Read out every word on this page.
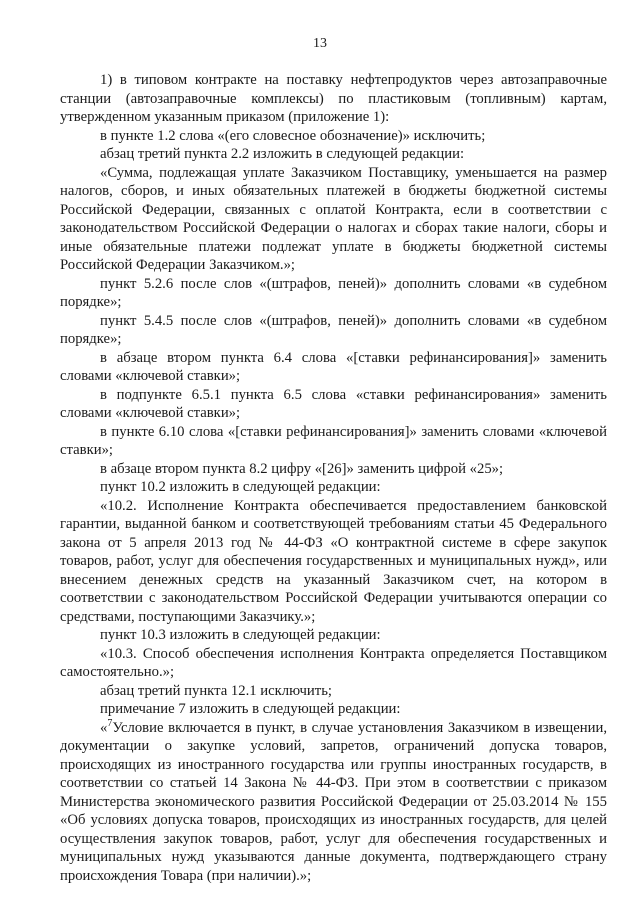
13

1) в типовом контракте на поставку нефтепродуктов через автозаправочные станции (автозаправочные комплексы) по пластиковым (топливным) картам, утвержденном указанным приказом (приложение 1):

в пункте 1.2 слова «(его словесное обозначение)» исключить;

абзац третий пункта 2.2 изложить в следующей редакции:

«Сумма, подлежащая уплате Заказчиком Поставщику, уменьшается на размер налогов, сборов, и иных обязательных платежей в бюджеты бюджетной системы Российской Федерации, связанных с оплатой Контракта, если в соответствии с законодательством Российской Федерации о налогах и сборах такие налоги, сборы и иные обязательные платежи подлежат уплате в бюджеты бюджетной системы Российской Федерации Заказчиком.»;

пункт 5.2.6 после слов «(штрафов, пеней)» дополнить словами «в судебном порядке»;

пункт 5.4.5 после слов «(штрафов, пеней)» дополнить словами «в судебном порядке»;

в абзаце втором пункта 6.4 слова «[ставки рефинансирования]» заменить словами «ключевой ставки»;

в подпункте 6.5.1 пункта 6.5 слова «ставки рефинансирования» заменить словами «ключевой ставки»;

в пункте 6.10 слова «[ставки рефинансирования]» заменить словами «ключевой ставки»;

в абзаце втором пункта 8.2 цифру «[26]» заменить цифрой «25»;

пункт 10.2 изложить в следующей редакции:

«10.2. Исполнение Контракта обеспечивается предоставлением банковской гарантии, выданной банком и соответствующей требованиям статьи 45 Федерального закона от 5 апреля 2013 год № 44-ФЗ «О контрактной системе в сфере закупок товаров, работ, услуг для обеспечения государственных и муниципальных нужд», или внесением денежных средств на указанный Заказчиком счет, на котором в соответствии с законодательством Российской Федерации учитываются операции со средствами, поступающими Заказчику.»;

пункт 10.3 изложить в следующей редакции:

«10.3. Способ обеспечения исполнения Контракта определяется Поставщиком самостоятельно.»;

абзац третий пункта 12.1 исключить;

примечание 7 изложить в следующей редакции:

«$^7$Условие включается в пункт, в случае установления Заказчиком в извещении, документации о закупке условий, запретов, ограничений допуска товаров, происходящих из иностранного государства или группы иностранных государств, в соответствии со статьей 14 Закона № 44-ФЗ. При этом в соответствии с приказом Министерства экономического развития Российской Федерации от 25.03.2014 № 155 «Об условиях допуска товаров, происходящих из иностранных государств, для целей осуществления закупок товаров, работ, услуг для обеспечения государственных и муниципальных нужд указываются данные документа, подтверждающего страну происхождения Товара (при наличии).»;
